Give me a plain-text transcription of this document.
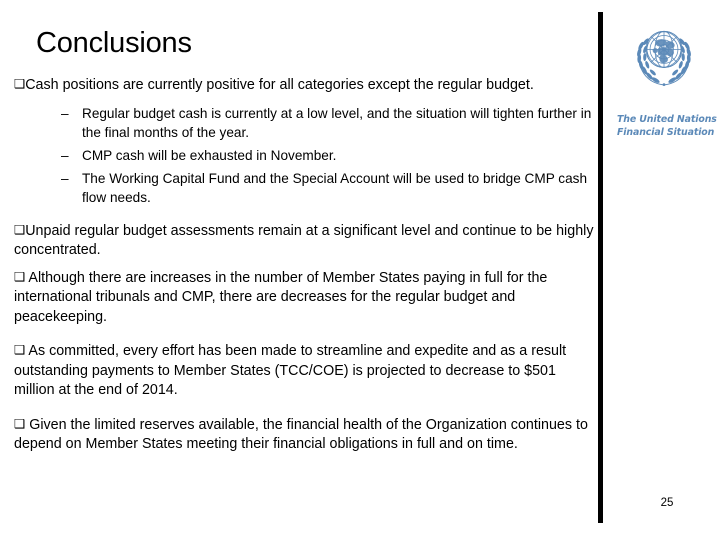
Conclusions

❑Cash positions are currently positive for all categories except the regular budget.

– Regular budget cash is currently at a low level, and the situation will tighten further in the final months of the year.
– CMP cash will be exhausted in November.
– The Working Capital Fund and the Special Account will be used to bridge CMP cash flow needs.

❑Unpaid regular budget assessments remain at a significant level and continue to be highly concentrated.

❑ Although there are increases in the number of Member States paying in full for the international tribunals and CMP, there are decreases for the regular budget and peacekeeping.

❑ As committed, every effort has been made to streamline and expedite and as a result outstanding payments to Member States (TCC/COE) is projected to decrease to $501 million at the end of 2014.

❑ Given the limited reserves available, the financial health of the Organization continues to depend on Member States meeting their financial obligations in full and on time.

The United Nations
Financial Situation
25
